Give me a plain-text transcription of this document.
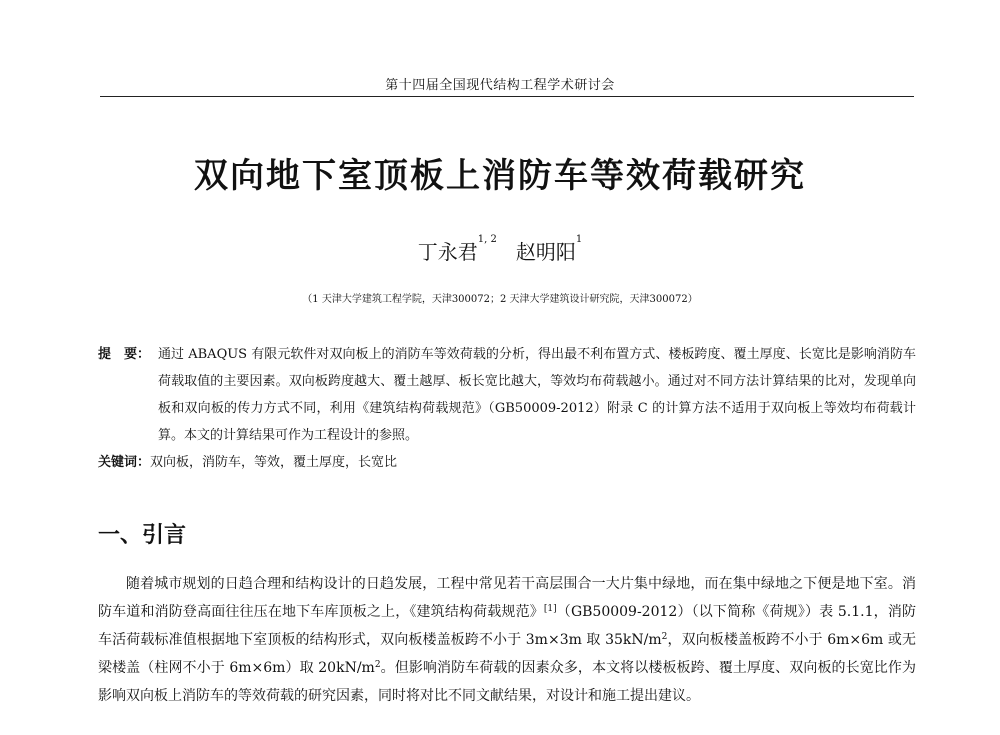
第十四届全国现代结构工程学术研讨会
双向地下室顶板上消防车等效荷载研究
丁永君$^{1, 2}$   赵明阳$^1$
（1 天津大学建筑工程学院，天津300072；2 天津大学建筑设计研究院，天津300072）
提　要： 通过 ABAQUS 有限元软件对双向板上的消防车等效荷载的分析，得出最不利布置方式、楼板跨度、覆土厚度、长宽比是影响消防车荷载取值的主要因素。双向板跨度越大、覆土越厚、板长宽比越大，等效均布荷载越小。通过对不同方法计算结果的比对，发现单向板和双向板的传力方式不同，利用《建筑结构荷载规范》（GB50009-2012）附录 C 的计算方法不适用于双向板上等效均布荷载计算。本文的计算结果可作为工程设计的参照。
关键词：双向板，消防车，等效，覆土厚度，长宽比
一、引言
随着城市规划的日趋合理和结构设计的日趋发展，工程中常见若干高层围合一大片集中绿地，而在集中绿地之下便是地下室。消防车道和消防登高面往往压在地下车库顶板之上，《建筑结构荷载规范》[1]（GB50009-2012）（以下简称《荷规》）表 5.1.1，消防车活荷载标准值根据地下室顶板的结构形式，双向板楼盖板跨不小于 3m×3m 取 $35kN/m^2$，双向板楼盖板跨不小于 6m×6m 或无梁楼盖（柱网不小于 6m×6m）取 $20kN/m^2$。但影响消防车荷载的因素众多，本文将以楼板板跨、覆土厚度、双向板的长宽比作为影响双向板上消防车的等效荷载的研究因素，同时将对比不同文献结果，对设计和施工提出建议。
